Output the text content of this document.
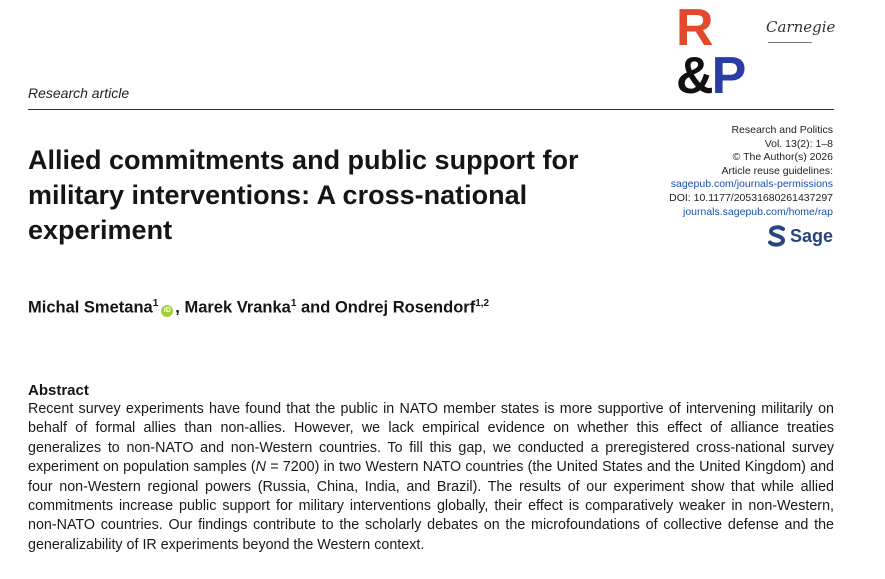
R
&P
Carnegie
Research article
Allied commitments and public support for military interventions: A cross-national experiment
Research and Politics
Vol. 13(2): 1–8
© The Author(s) 2026
Article reuse guidelines:
sagepub.com/journals-permissions
DOI: 10.1177/20531680261437297
journals.sagepub.com/home/rap
Sage
Michal Smetana$^1$iD , Marek Vranka$^1$ and Ondrej Rosendorf$^{1,2}$
Abstract
Recent survey experiments have found that the public in NATO member states is more supportive of intervening militarily on behalf of formal allies than non-allies. However, we lack empirical evidence on whether this effect of alliance treaties generalizes to non-NATO and non-Western countries. To fill this gap, we conducted a preregistered cross-national survey experiment on population samples (N = 7200) in two Western NATO countries (the United States and the United Kingdom) and four non-Western regional powers (Russia, China, India, and Brazil). The results of our experiment show that while allied commitments increase public support for military interventions globally, their effect is comparatively weaker in non-Western, non-NATO countries. Our findings contribute to the scholarly debates on the microfoundations of collective defense and the generalizability of IR experiments beyond the Western context.
